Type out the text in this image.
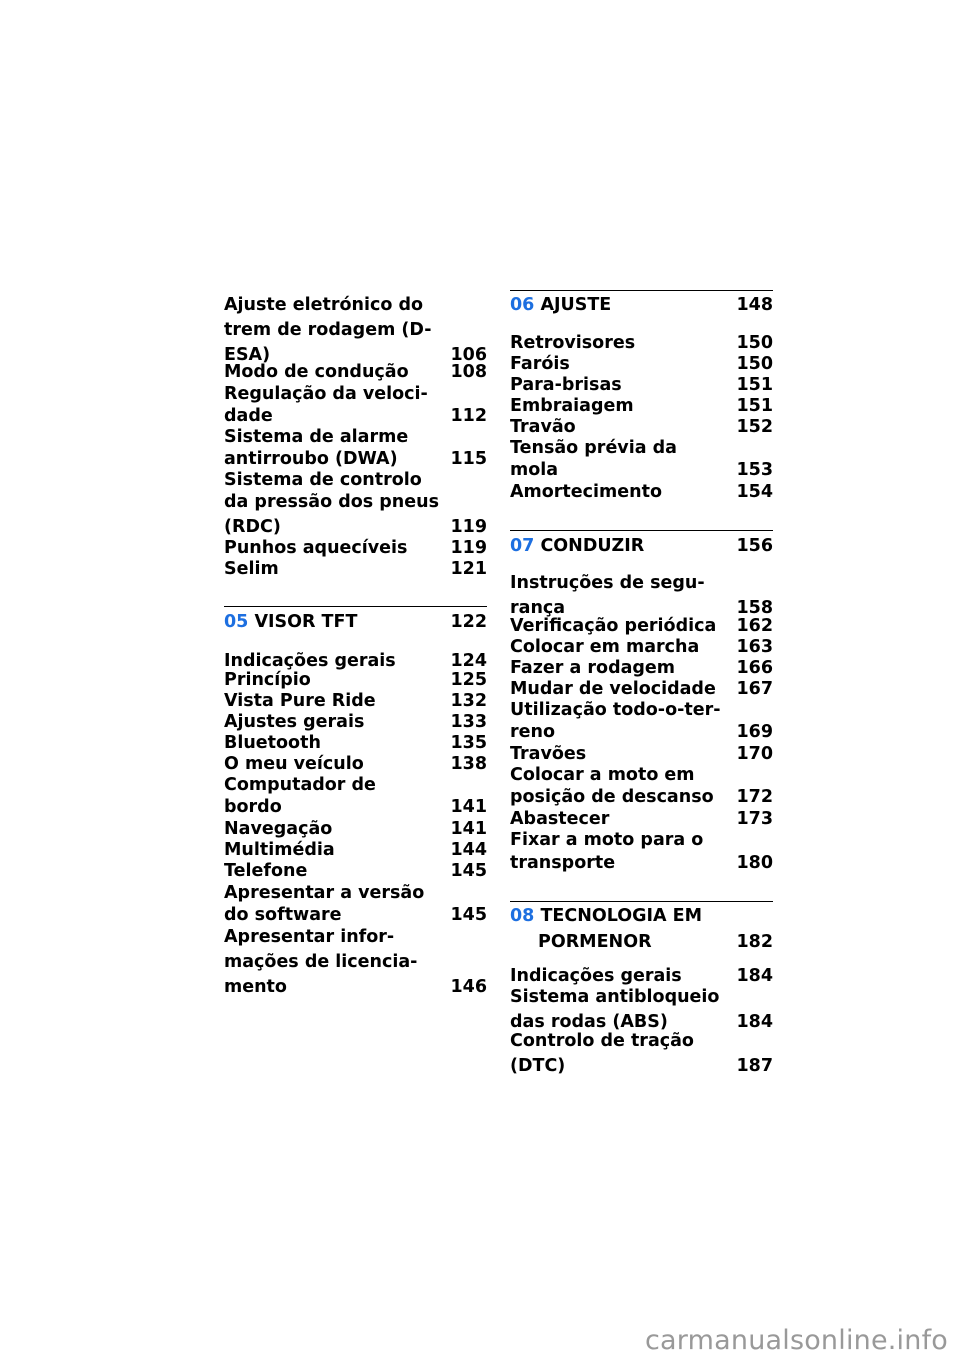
Ajuste eletrónico do
trem de rodagem (D-
ESA)	106
Modo de condução	108
Regulação da veloci-
dade	112
Sistema de alarme
antirroubo (DWA)	115
Sistema de controlo
da pressão dos pneus
(RDC)	119
Punhos aquecíveis	119
Selim	121
05 VISOR TFT	122
Indicações gerais	124
Princípio	125
Vista Pure Ride	132
Ajustes gerais	133
Bluetooth	135
O meu veículo	138
Computador de
bordo	141
Navegação	141
Multimédia	144
Telefone	145
Apresentar a versão
do software	145
Apresentar infor-
mações de licencia-
mento	146
06 AJUSTE	148
Retrovisores	150
Faróis	150
Para-brisas	151
Embraiagem	151
Travão	152
Tensão prévia da
mola	153
Amortecimento	154
07 CONDUZIR	156
Instruções de segu-
rança	158
Verificação periódica	162
Colocar em marcha	163
Fazer a rodagem	166
Mudar de velocidade	167
Utilização todo-o-ter-
reno	169
Travões	170
Colocar a moto em
posição de descanso	172
Abastecer	173
Fixar a moto para o
transporte	180
08 TECNOLOGIA EM
PORMENOR	182
Indicações gerais	184
Sistema antibloqueio
das rodas (ABS)	184
Controlo de tração
(DTC)	187
carmanualsonline.info
